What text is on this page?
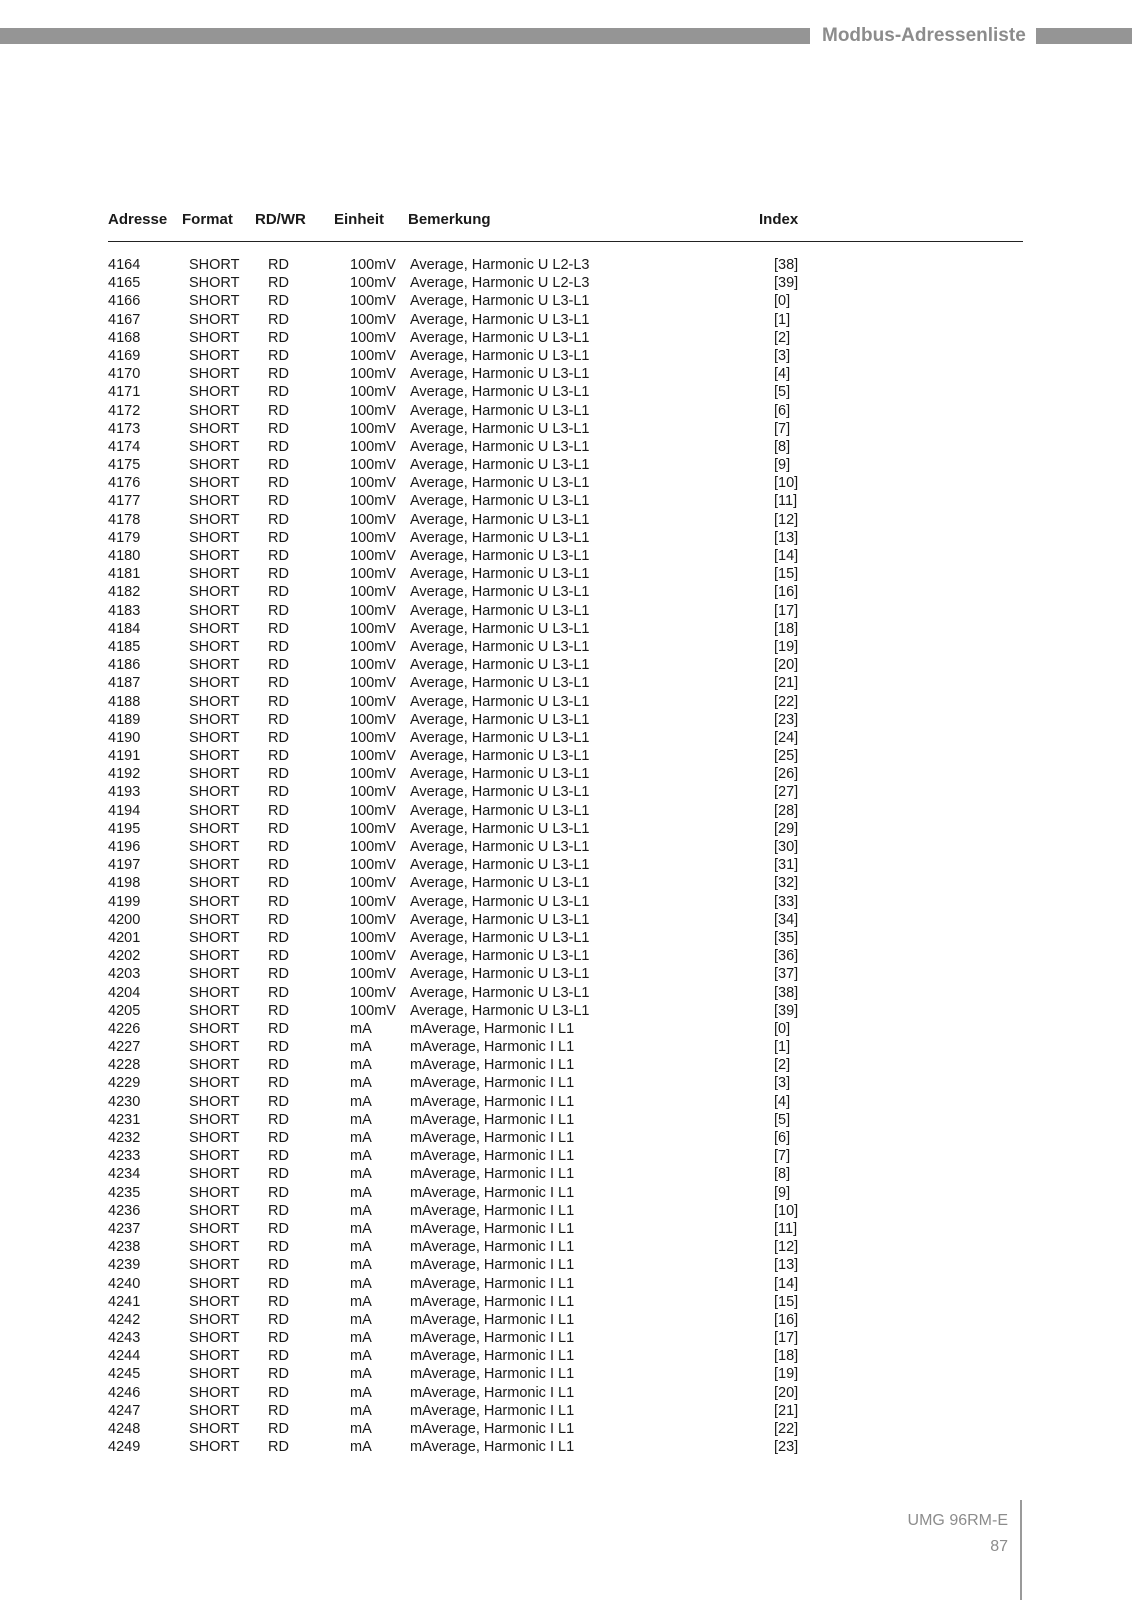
Modbus-Adressenliste
Adresse Format RD/WR Einheit Bemerkung	Index
4164	SHORT RD	100mV Average, Harmonic U L2-L3	[38]
4165	SHORT RD	100mV Average, Harmonic U L2-L3	[39]
4166	SHORT RD	100mV Average, Harmonic U L3-L1	[0]
4167	SHORT RD	100mV Average, Harmonic U L3-L1	[1]
4168	SHORT RD	100mV Average, Harmonic U L3-L1	[2]
4169	SHORT RD	100mV Average, Harmonic U L3-L1	[3]
4170	SHORT RD	100mV Average, Harmonic U L3-L1	[4]
4171	SHORT RD	100mV Average, Harmonic U L3-L1	[5]
4172	SHORT RD	100mV Average, Harmonic U L3-L1	[6]
4173	SHORT RD	100mV Average, Harmonic U L3-L1	[7]
4174	SHORT RD	100mV Average, Harmonic U L3-L1	[8]
4175	SHORT RD	100mV Average, Harmonic U L3-L1	[9]
4176	SHORT RD	100mV Average, Harmonic U L3-L1	[10]
4177	SHORT RD	100mV Average, Harmonic U L3-L1	[11]
4178	SHORT RD	100mV Average, Harmonic U L3-L1	[12]
4179	SHORT RD	100mV Average, Harmonic U L3-L1	[13]
4180	SHORT RD	100mV Average, Harmonic U L3-L1	[14]
4181	SHORT RD	100mV Average, Harmonic U L3-L1	[15]
4182	SHORT RD	100mV Average, Harmonic U L3-L1	[16]
4183	SHORT RD	100mV Average, Harmonic U L3-L1	[17]
4184	SHORT RD	100mV Average, Harmonic U L3-L1	[18]
4185	SHORT RD	100mV Average, Harmonic U L3-L1	[19]
4186	SHORT RD	100mV Average, Harmonic U L3-L1	[20]
4187	SHORT RD	100mV Average, Harmonic U L3-L1	[21]
4188	SHORT RD	100mV Average, Harmonic U L3-L1	[22]
4189	SHORT RD	100mV Average, Harmonic U L3-L1	[23]
4190	SHORT RD	100mV Average, Harmonic U L3-L1	[24]
4191	SHORT RD	100mV Average, Harmonic U L3-L1	[25]
4192	SHORT RD	100mV Average, Harmonic U L3-L1	[26]
4193	SHORT RD	100mV Average, Harmonic U L3-L1	[27]
4194	SHORT RD	100mV Average, Harmonic U L3-L1	[28]
4195	SHORT RD	100mV Average, Harmonic U L3-L1	[29]
4196	SHORT RD	100mV Average, Harmonic U L3-L1	[30]
4197	SHORT RD	100mV Average, Harmonic U L3-L1	[31]
4198	SHORT RD	100mV Average, Harmonic U L3-L1	[32]
4199	SHORT RD	100mV Average, Harmonic U L3-L1	[33]
4200	SHORT RD	100mV Average, Harmonic U L3-L1	[34]
4201	SHORT RD	100mV Average, Harmonic U L3-L1	[35]
4202	SHORT RD	100mV Average, Harmonic U L3-L1	[36]
4203	SHORT RD	100mV Average, Harmonic U L3-L1	[37]
4204	SHORT RD	100mV Average, Harmonic U L3-L1	[38]
4205	SHORT RD	100mV Average, Harmonic U L3-L1	[39]
4226	SHORT RD	mA	mAverage, Harmonic I L1	[0]
4227	SHORT RD	mA	mAverage, Harmonic I L1	[1]
4228	SHORT RD	mA	mAverage, Harmonic I L1	[2]
4229	SHORT RD	mA	mAverage, Harmonic I L1	[3]
4230	SHORT RD	mA	mAverage, Harmonic I L1	[4]
4231	SHORT RD	mA	mAverage, Harmonic I L1	[5]
4232	SHORT RD	mA	mAverage, Harmonic I L1	[6]
4233	SHORT RD	mA	mAverage, Harmonic I L1	[7]
4234	SHORT RD	mA	mAverage, Harmonic I L1	[8]
4235	SHORT RD	mA	mAverage, Harmonic I L1	[9]
4236	SHORT RD	mA	mAverage, Harmonic I L1	[10]
4237	SHORT RD	mA	mAverage, Harmonic I L1	[11]
4238	SHORT RD	mA	mAverage, Harmonic I L1	[12]
4239	SHORT RD	mA	mAverage, Harmonic I L1	[13]
4240	SHORT RD	mA	mAverage, Harmonic I L1	[14]
4241	SHORT RD	mA	mAverage, Harmonic I L1	[15]
4242	SHORT RD	mA	mAverage, Harmonic I L1	[16]
4243	SHORT RD	mA	mAverage, Harmonic I L1	[17]
4244	SHORT RD	mA	mAverage, Harmonic I L1	[18]
4245	SHORT RD	mA	mAverage, Harmonic I L1	[19]
4246	SHORT RD	mA	mAverage, Harmonic I L1	[20]
4247	SHORT RD	mA	mAverage, Harmonic I L1	[21]
4248	SHORT RD	mA	mAverage, Harmonic I L1	[22]
4249	SHORT RD	mA	mAverage, Harmonic I L1	[23]
UMG 96RM-E
87
